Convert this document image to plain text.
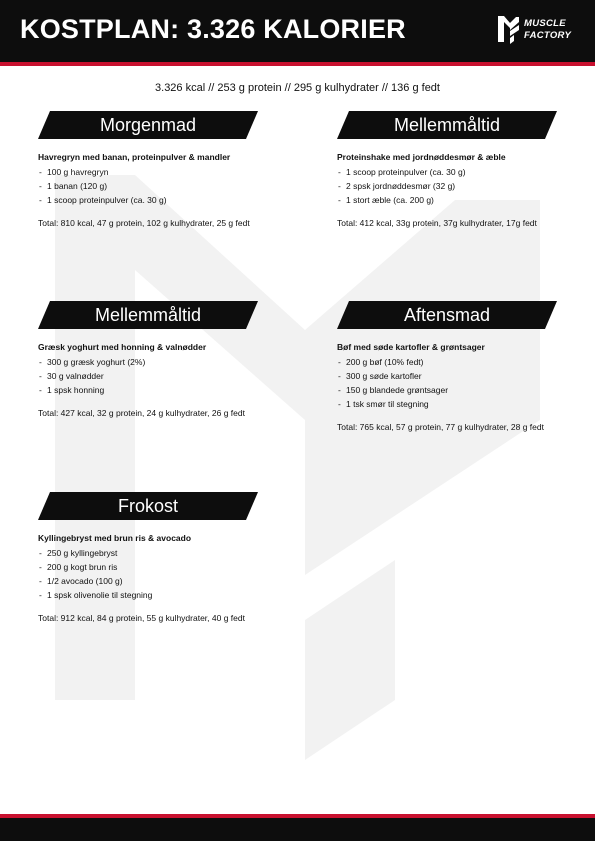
KOSTPLAN: 3.326 KALORIER	MUSCLE
FACTORY
3.326 kcal // 253 g protein // 295 g kulhydrater // 136 g fedt
Morgenmad
Havregryn med banan, proteinpulver & mandler
- 100 g havregryn
- 1 banan (120 g)
- 1 scoop proteinpulver (ca. 30 g)
Total: 810 kcal, 47 g protein, 102 g kulhydrater, 25 g fedt
Mellemmåltid
Proteinshake med jordnøddesmør & æble
- 1 scoop proteinpulver (ca. 30 g)
- 2 spsk jordnøddesmør (32 g)
- 1 stort æble (ca. 200 g)
Total: 412 kcal, 33g protein, 37g kulhydrater, 17g fedt
Mellemmåltid
Græsk yoghurt med honning & valnødder
- 300 g græsk yoghurt (2%)
- 30 g valnødder
- 1 spsk honning
Total: 427 kcal, 32 g protein, 24 g kulhydrater, 26 g fedt
Aftensmad
Bøf med søde kartofler & grøntsager
- 200 g bøf (10% fedt)
- 300 g søde kartofler
- 150 g blandede grøntsager
- 1 tsk smør til stegning
Total: 765 kcal, 57 g protein, 77 g kulhydrater, 28 g fedt
Frokost
Kyllingebryst med brun ris & avocado
- 250 g kyllingebryst
- 200 g kogt brun ris
- 1/2 avocado (100 g)
- 1 spsk olivenolie til stegning
Total: 912 kcal, 84 g protein, 55 g kulhydrater, 40 g fedt
